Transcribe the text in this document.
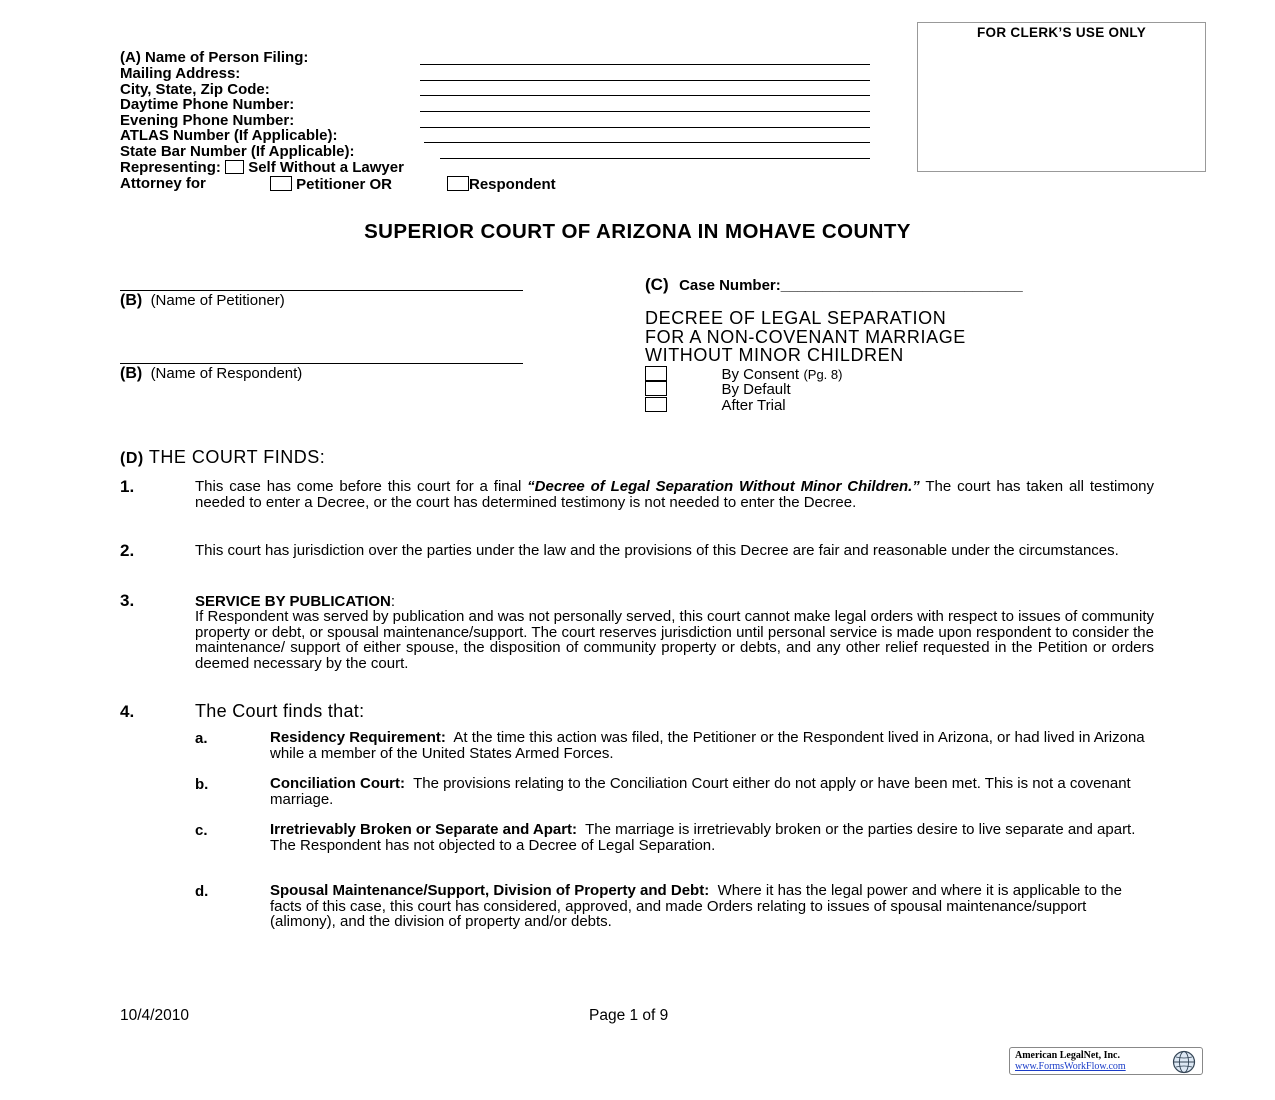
FOR CLERK’S USE ONLY
(A) Name of Person Filing:
Mailing Address:
City, State, Zip Code:
Daytime Phone Number:
Evening Phone Number:
ATLAS Number (If Applicable):
State Bar Number (If Applicable):
Representing: Self Without a Lawyer
Attorney for	Petitioner OR	Respondent
SUPERIOR COURT OF ARIZONA IN MOHAVE COUNTY
(B) (Name of Petitioner)
(B) (Name of Respondent)
(C) Case Number:_____________________________
DECREE OF LEGAL SEPARATION
FOR A NON-COVENANT MARRIAGE
WITHOUT MINOR CHILDREN
By Consent (Pg. 8)
By Default
After Trial
(D) THE COURT FINDS:
1.	This case has come before this court for a final “Decree of Legal Separation Without Minor Children.” The court has taken all testimony needed to enter a Decree, or the court has determined testimony is not needed to enter the Decree.
2.	This court has jurisdiction over the parties under the law and the provisions of this Decree are fair and reasonable under the circumstances.
3.	SERVICE BY PUBLICATION:
If Respondent was served by publication and was not personally served, this court cannot make legal orders with respect to issues of community property or debt, or spousal maintenance/support. The court reserves jurisdiction until personal service is made upon respondent to consider the maintenance/ support of either spouse, the disposition of community property or debts, and any other relief requested in the Petition or orders deemed necessary by the court.
4.	The Court finds that:
a.	Residency Requirement: At the time this action was filed, the Petitioner or the Respondent lived in Arizona, or had lived in Arizona while a member of the United States Armed Forces.
b.	Conciliation Court: The provisions relating to the Conciliation Court either do not apply or have been met. This is not a covenant marriage.
c.	Irretrievably Broken or Separate and Apart: The marriage is irretrievably broken or the parties desire to live separate and apart. The Respondent has not objected to a Decree of Legal Separation.
d.	Spousal Maintenance/Support, Division of Property and Debt: Where it has the legal power and where it is applicable to the facts of this case, this court has considered, approved, and made Orders relating to issues of spousal maintenance/support (alimony), and the division of property and/or debts.
10/4/2010	Page 1 of 9
American LegalNet, Inc.
www.FormsWorkFlow.com
